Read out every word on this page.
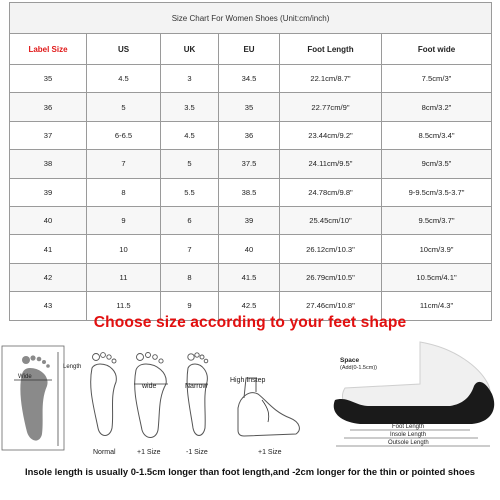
Size Chart For Women Shoes (Unit:cm/inch)					
Label Size	US	UK	EU	Foot Length	Foot wide
35	4.5	3	34.5	22.1cm/8.7"	7.5cm/3"
36	5	3.5	35	22.77cm/9"	8cm/3.2"
37	6-6.5	4.5	36	23.44cm/9.2"	8.5cm/3.4"
38	7	5	37.5	24.11cm/9.5"	9cm/3.5"
39	8	5.5	38.5	24.78cm/9.8"	9-9.5cm/3.5-3.7"
40	9	6	39	25.45cm/10"	9.5cm/3.7"
41	10	7	40	26.12cm/10.3"	10cm/3.9"
42	11	8	41.5	26.79cm/10.5"	10.5cm/4.1"
43	11.5	9	42.5	27.46cm/10.8"	11cm/4.3"
Choose size according to your feet shape
Wide
Length
Normal
wide
+1 Size
Narrow
-1 Size
High Instep
+1 Size
Space
(Add(0-1.5cm))
Foot Length
Insole Length
Outsole Length
Insole length is usually 0-1.5cm longer than foot length,and -2cm longer for the thin or pointed shoes
